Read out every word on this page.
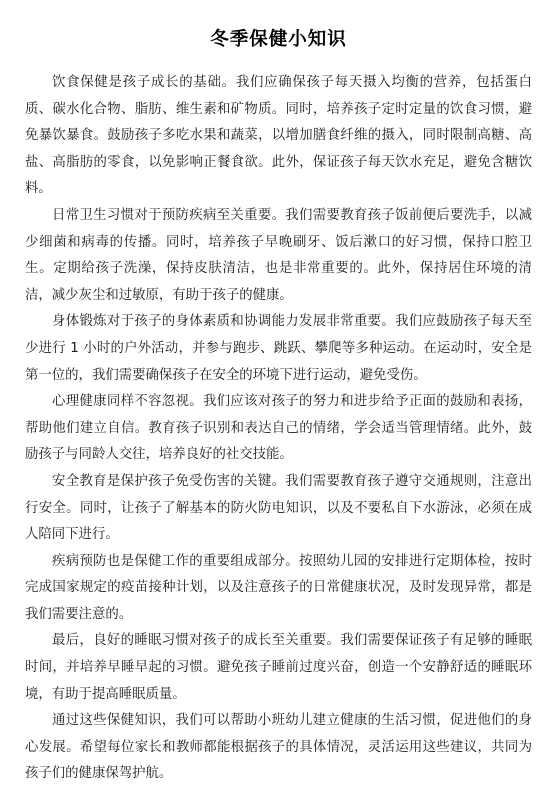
冬季保健小知识

饮食保健是孩子成长的基础。我们应确保孩子每天摄入均衡的营养，包括蛋白质、碳水化合物、脂肪、维生素和矿物质。同时，培养孩子定时定量的饮食习惯，避免暴饮暴食。鼓励孩子多吃水果和蔬菜，以增加膳食纤维的摄入，同时限制高糖、高盐、高脂肪的零食，以免影响正餐食欲。此外，保证孩子每天饮水充足，避免含糖饮料。

日常卫生习惯对于预防疾病至关重要。我们需要教育孩子饭前便后要洗手，以减少细菌和病毒的传播。同时，培养孩子早晚刷牙、饭后漱口的好习惯，保持口腔卫生。定期给孩子洗澡，保持皮肤清洁，也是非常重要的。此外，保持居住环境的清洁，减少灰尘和过敏原，有助于孩子的健康。

身体锻炼对于孩子的身体素质和协调能力发展非常重要。我们应鼓励孩子每天至少进行 1 小时的户外活动，并参与跑步、跳跃、攀爬等多种运动。在运动时，安全是第一位的，我们需要确保孩子在安全的环境下进行运动，避免受伤。

心理健康同样不容忽视。我们应该对孩子的努力和进步给予正面的鼓励和表扬，帮助他们建立自信。教育孩子识别和表达自己的情绪，学会适当管理情绪。此外，鼓励孩子与同龄人交往，培养良好的社交技能。

安全教育是保护孩子免受伤害的关键。我们需要教育孩子遵守交通规则，注意出行安全。同时，让孩子了解基本的防火防电知识，以及不要私自下水游泳，必须在成人陪同下进行。

疾病预防也是保健工作的重要组成部分。按照幼儿园的安排进行定期体检，按时完成国家规定的疫苗接种计划，以及注意孩子的日常健康状况，及时发现异常，都是我们需要注意的。

最后，良好的睡眠习惯对孩子的成长至关重要。我们需要保证孩子有足够的睡眠时间，并培养早睡早起的习惯。避免孩子睡前过度兴奋，创造一个安静舒适的睡眠环境，有助于提高睡眠质量。

通过这些保健知识，我们可以帮助小班幼儿建立健康的生活习惯，促进他们的身心发展。希望每位家长和教师都能根据孩子的具体情况，灵活运用这些建议，共同为孩子们的健康保驾护航。
